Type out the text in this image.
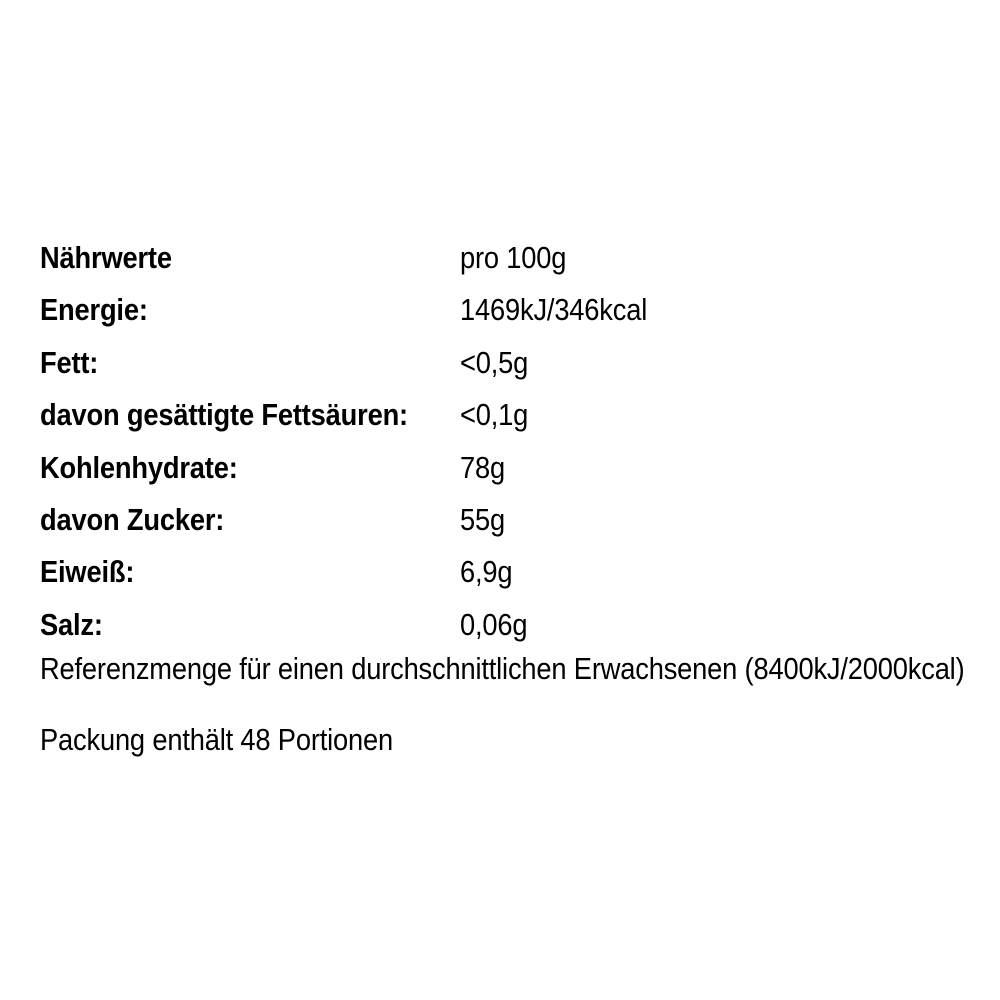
Nährwerte	pro 100g
Energie:	1469kJ/346kcal
Fett:	<0,5g
davon gesättigte Fettsäuren: <0,1g
Kohlenhydrate:	78g
davon Zucker:	55g
Eiweiß:	6,9g
Salz:	0,06g
Referenzmenge für einen durchschnittlichen Erwachsenen (8400kJ/2000kcal)
Packung enthält 48 Portionen
